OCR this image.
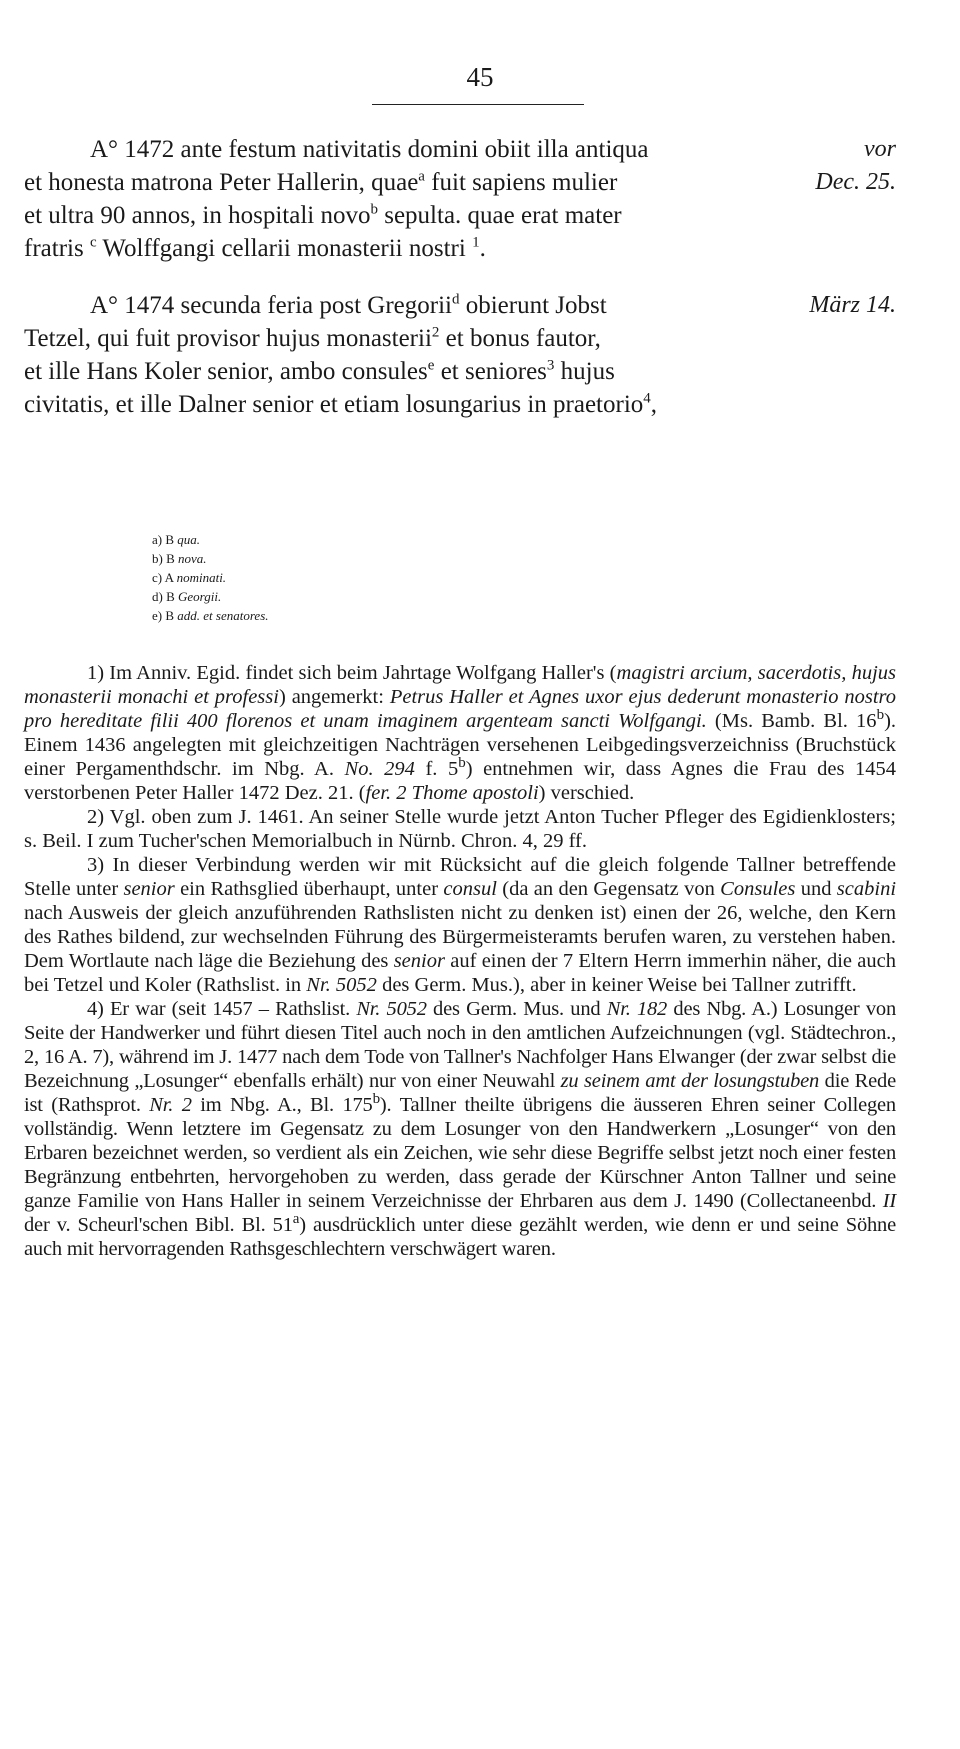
45
A° 1472 ante festum nativitatis domini obiit illa antiqua	vor
et honesta matrona Peter Hallerin, quae$^a$ fuit sapiens mulier	Dec. 25.
et ultra 90 annos, in hospitali novo$^b$ sepulta. quae erat mater
fratris $^c$ Wolffgangi cellarii monasterii nostri $^1$.
A° 1474 secunda feria post Gregorii$^d$ obierunt Jobst	März 14.
Tetzel, qui fuit provisor hujus monasterii$^2$ et bonus fautor,
et ille Hans Koler senior, ambo consules$^e$ et seniores$^3$ hujus
civitatis, et ille Dalner senior et etiam losungarius in praetorio$^4$,
a) B qua.
b) B nova.
c) A nominati.
d) B Georgii.
e) B add. et senatores.

1) Im Anniv. Egid. findet sich beim Jahrtage Wolfgang Haller's (magistri arcium, sacerdotis, hujus monasterii monachi et professi) angemerkt: Petrus Haller et Agnes uxor ejus dederunt monasterio nostro pro hereditate filii 400 florenos et unam imaginem argenteam sancti Wolfgangi. (Ms. Bamb. Bl. 16$^b$). Einem 1436 angelegten mit gleichzeitigen Nachträgen versehenen Leibgedingsverzeichniss (Bruchstück einer Pergamenthdschr. im Nbg. A. No. 294 f. 5$^b$) entnehmen wir, dass Agnes die Frau des 1454 verstorbenen Peter Haller 1472 Dez. 21. (fer. 2 Thome apostoli) verschied.

2) Vgl. oben zum J. 1461. An seiner Stelle wurde jetzt Anton Tucher Pfleger des Egidienklosters; s. Beil. I zum Tucher'schen Memorialbuch in Nürnb. Chron. 4, 29 ff.

3) In dieser Verbindung werden wir mit Rücksicht auf die gleich folgende Tallner betreffende Stelle unter senior ein Rathsglied überhaupt, unter consul (da an den Gegensatz von Consules und scabini nach Ausweis der gleich anzuführenden Rathslisten nicht zu denken ist) einen der 26, welche, den Kern des Rathes bildend, zur wechselnden Führung des Bürgermeisteramts berufen waren, zu verstehen haben. Dem Wortlaute nach läge die Beziehung des senior auf einen der 7 Eltern Herrn immerhin näher, die auch bei Tetzel und Koler (Rathslist. in Nr. 5052 des Germ. Mus.), aber in keiner Weise bei Tallner zutrifft.

4) Er war (seit 1457 – Rathslist. Nr. 5052 des Germ. Mus. und Nr. 182 des Nbg. A.) Losunger von Seite der Handwerker und führt diesen Titel auch noch in den amtlichen Aufzeichnungen (vgl. Städtechron., 2, 16 A. 7), während im J. 1477 nach dem Tode von Tallner's Nachfolger Hans Elwanger (der zwar selbst die Bezeichnung „Losunger“ ebenfalls erhält) nur von einer Neuwahl zu seinem amt der losungstuben die Rede ist (Rathsprot. Nr. 2 im Nbg. A., Bl. 175$^b$). Tallner theilte übrigens die äusseren Ehren seiner Collegen vollständig. Wenn letztere im Gegensatz zu dem Losunger von den Handwerkern „Losunger“ von den Erbaren bezeichnet werden, so verdient als ein Zeichen, wie sehr diese Begriffe selbst jetzt noch einer festen Begränzung entbehrten, hervorgehoben zu werden, dass gerade der Kürschner Anton Tallner und seine ganze Familie von Hans Haller in seinem Verzeichnisse der Ehrbaren aus dem J. 1490 (Collectaneenbd. II der v. Scheurl'schen Bibl. Bl. 51$^a$) ausdrücklich unter diese gezählt werden, wie denn er und seine Söhne auch mit hervorragenden Rathsgeschlechtern verschwägert waren.
